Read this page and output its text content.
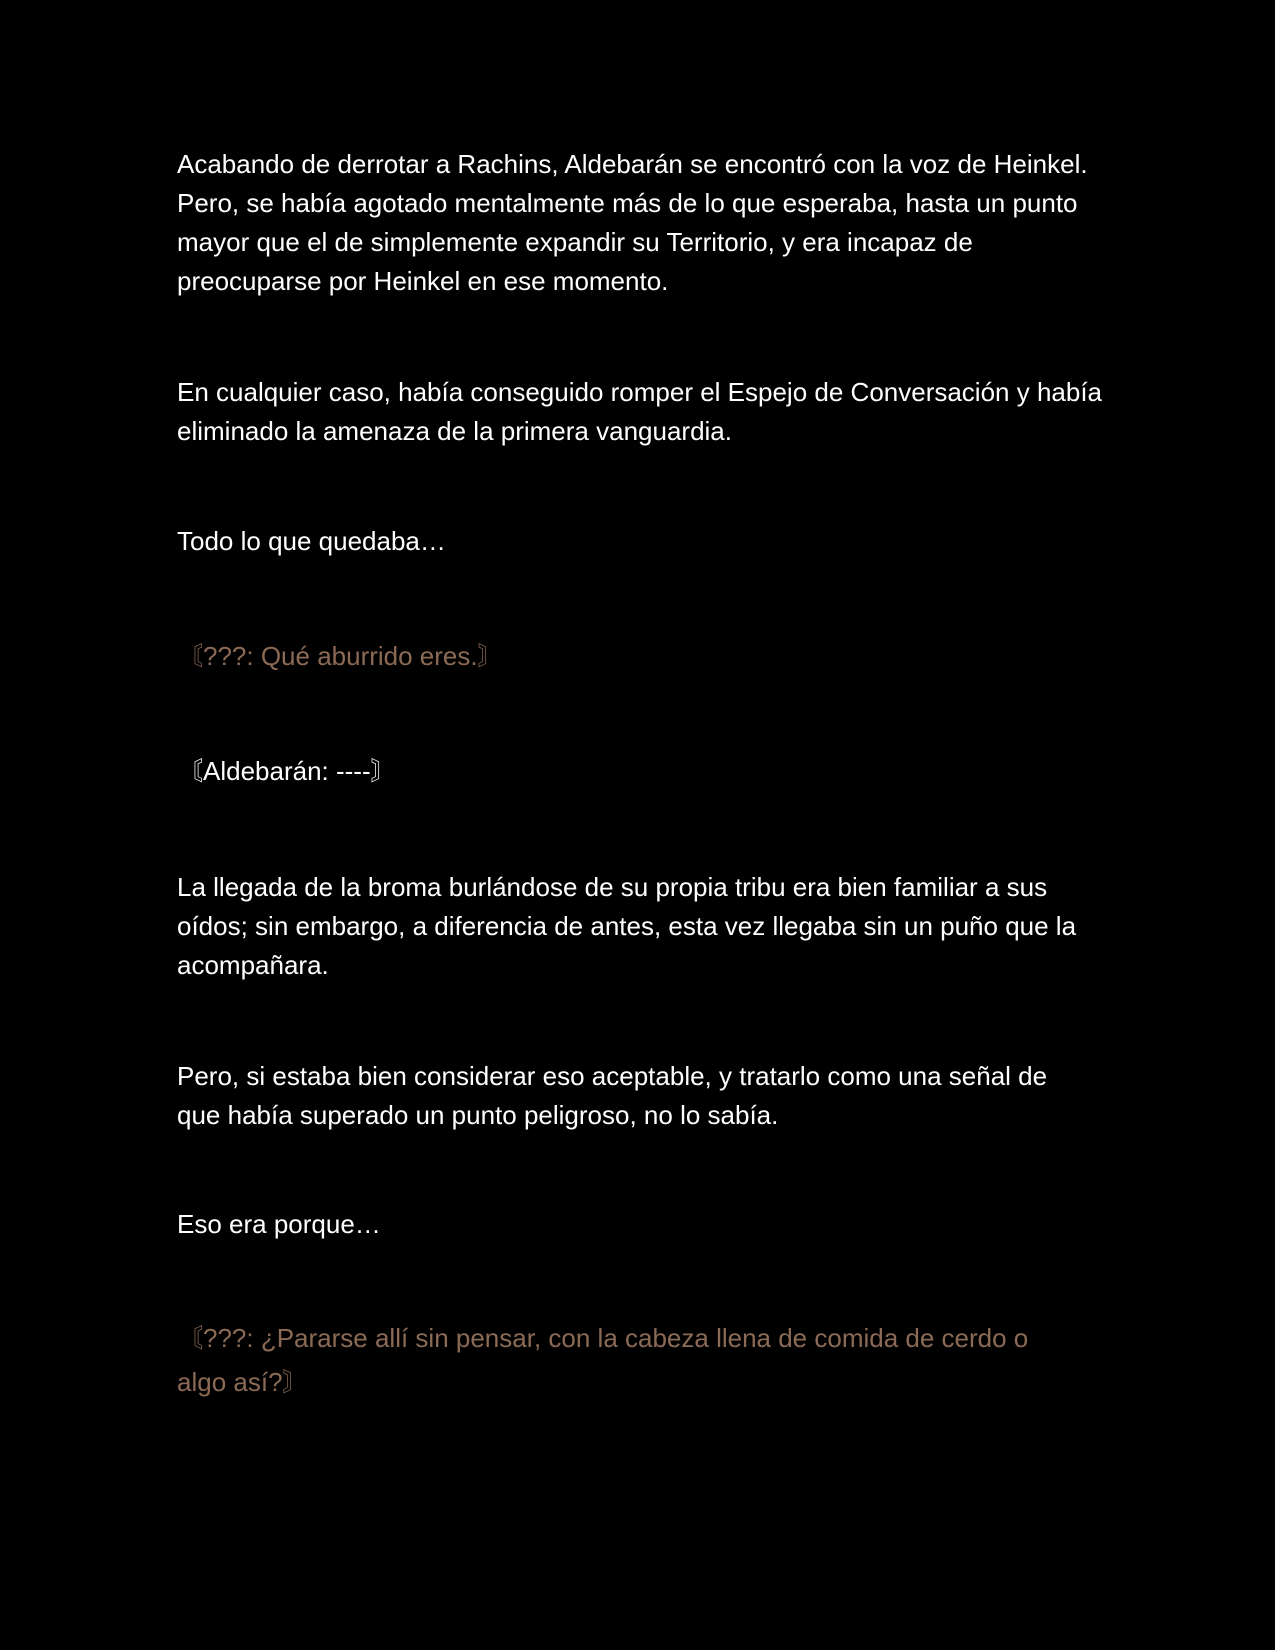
Acabando de derrotar a Rachins, Aldebarán se encontró con la voz de Heinkel. Pero, se había agotado mentalmente más de lo que esperaba, hasta un punto mayor que el de simplemente expandir su Territorio, y era incapaz de preocuparse por Heinkel en ese momento.

En cualquier caso, había conseguido romper el Espejo de Conversación y había eliminado la amenaza de la primera vanguardia.

Todo lo que quedaba…

〘???: Qué aburrido eres.〙

〘Aldebarán: ----〙

La llegada de la broma burlándose de su propia tribu era bien familiar a sus oídos; sin embargo, a diferencia de antes, esta vez llegaba sin un puño que la acompañara.

Pero, si estaba bien considerar eso aceptable, y tratarlo como una señal de que había superado un punto peligroso, no lo sabía.

Eso era porque…

〘???: ¿Pararse allí sin pensar, con la cabeza llena de comida de cerdo o algo así?〙
